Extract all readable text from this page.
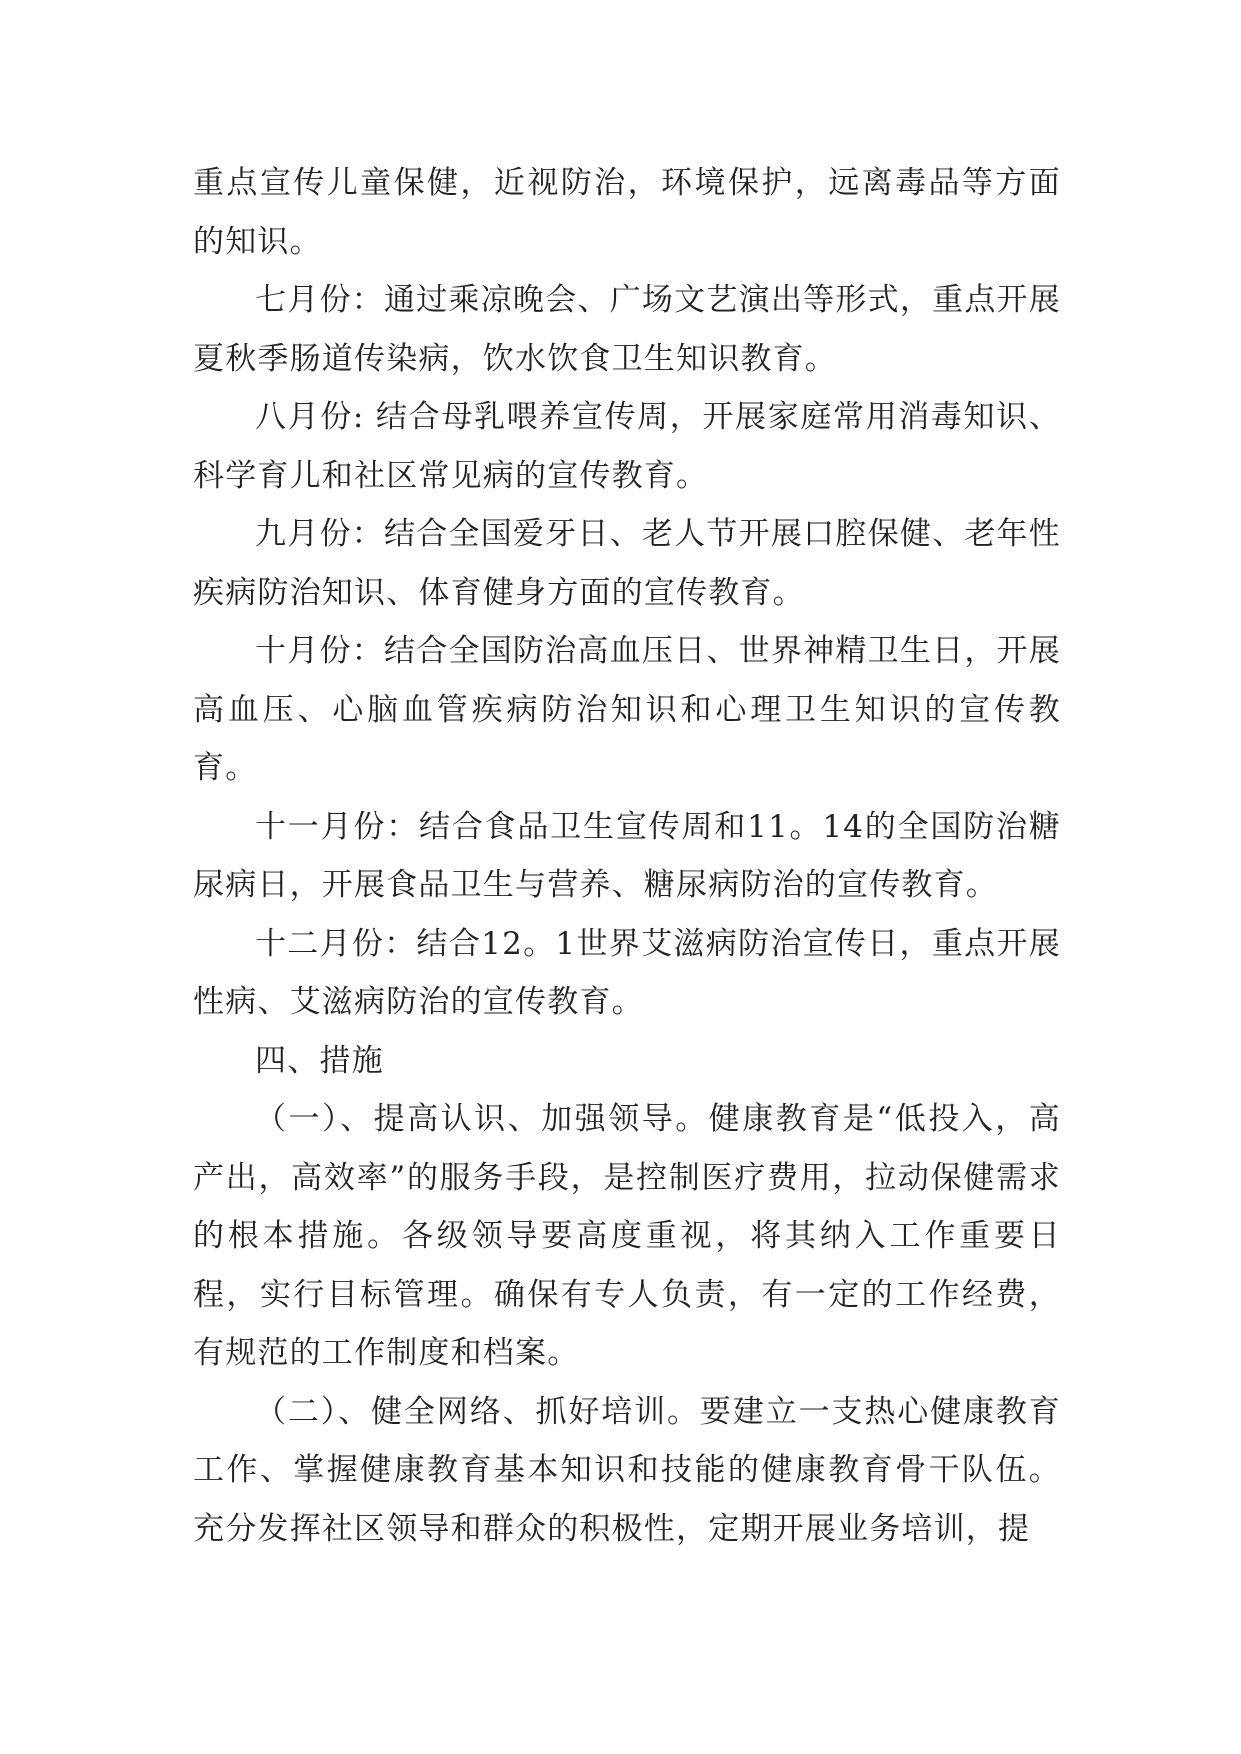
重点宣传儿童保健，近视防治，环境保护，远离毒品等方面的知识。

七月份：通过乘凉晚会、广场文艺演出等形式，重点开展夏秋季肠道传染病，饮水饮食卫生知识教育。

八月份: 结合母乳喂养宣传周，开展家庭常用消毒知识、科学育儿和社区常见病的宣传教育。

九月份：结合全国爱牙日、老人节开展口腔保健、老年性疾病防治知识、体育健身方面的宣传教育。

十月份：结合全国防治高血压日、世界神精卫生日，开展高血压、心脑血管疾病防治知识和心理卫生知识的宣传教育。

十一月份：结合食品卫生宣传周和11。14的全国防治糖尿病日，开展食品卫生与营养、糖尿病防治的宣传教育。

十二月份：结合12。1世界艾滋病防治宣传日，重点开展性病、艾滋病防治的宣传教育。

四、措施

（一）、提高认识、加强领导。健康教育是“低投入，高产出，高效率”的服务手段，是控制医疗费用，拉动保健需求的根本措施。各级领导要高度重视，将其纳入工作重要日程，实行目标管理。确保有专人负责，有一定的工作经费，有规范的工作制度和档案。

（二）、健全网络、抓好培训。要建立一支热心健康教育工作、掌握健康教育基本知识和技能的健康教育骨干队伍。充分发挥社区领导和群众的积极性，定期开展业务培训，提
